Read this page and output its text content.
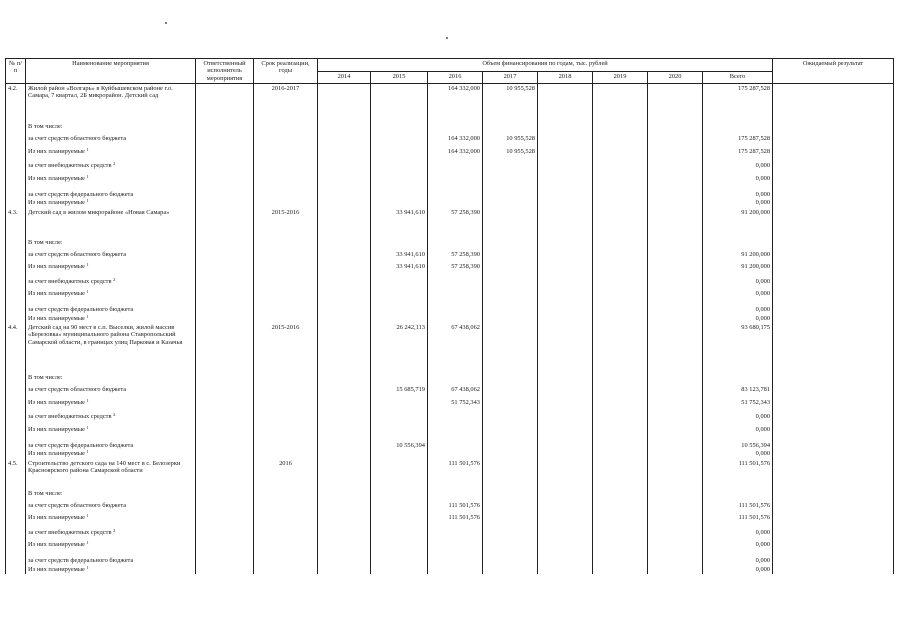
№ п/п	Наименование мероприятия	Ответственный исполнитель мероприятия	Срок реализации, годы	Объем финансирования по годам, тыс. рублей								Ожидаемый результат
				2014	2015	2016	2017	2018	2019	2020	Всего	
4.2.	Жилой район «Волгарь» в Куйбышевском районе г.о. Самара, 7 квартал, 2Б микрорайон. Детский сад		2016-2017			164 332,000	10 955,528				175 287,528	
	В том числе:											
	за счет средств областного бюджета					164 332,000	10 955,528				175 287,528	
	Из них планируемые $^1$					164 332,000	10 955,528				175 287,528	
	за счет внебюджетных средств $^2$										0,000	
	Из них планируемые $^1$										0,000	
	за счет средств федерального бюджета										0,000	
	Из них планируемые $^1$										0,000	
4.3.	Детский сад в жилом микрорайоне «Новая Самара»		2015-2016		33 941,610	57 258,390					91 200,000	
	В том числе:											
	за счет средств областного бюджета				33 941,610	57 258,390					91 200,000	
	Из них планируемые $^1$				33 941,610	57 258,390					91 200,000	
	за счет внебюджетных средств $^2$										0,000	
	Из них планируемые $^1$										0,000	
	за счет средств федерального бюджета										0,000	
	Из них планируемые $^1$										0,000	
4.4.	Детский сад на 90 мест в с.п. Выселки, жилой массив «Березовка» муниципального района Ставропольский Самарской области, в границах улиц Парковая и Казачья		2015-2016		26 242,113	67 438,062					93 680,175	
	В том числе:											
	за счет средств областного бюджета				15 685,719	67 438,062					83 123,781	
	Из них планируемые $^1$					51 752,343					51 752,343	
	за счет внебюджетных средств $^2$										0,000	
	Из них планируемые $^1$										0,000	
	за счет средств федерального бюджета				10 556,394						10 556,394	
	Из них планируемые $^1$										0,000	
4.5.	Строительство детского сада на 140 мест в с. Белозерки Красноярского района Самарской области		2016			111 501,576					111 501,576	
	В том числе:											
	за счет средств областного бюджета					111 501,576					111 501,576	
	Из них планируемые $^1$					111 501,576					111 501,576	
	за счет внебюджетных средств $^2$										0,000	
	Из них планируемые $^1$										0,000	
	за счет средств федерального бюджета										0,000	
	Из них планируемые $^1$										0,000	
